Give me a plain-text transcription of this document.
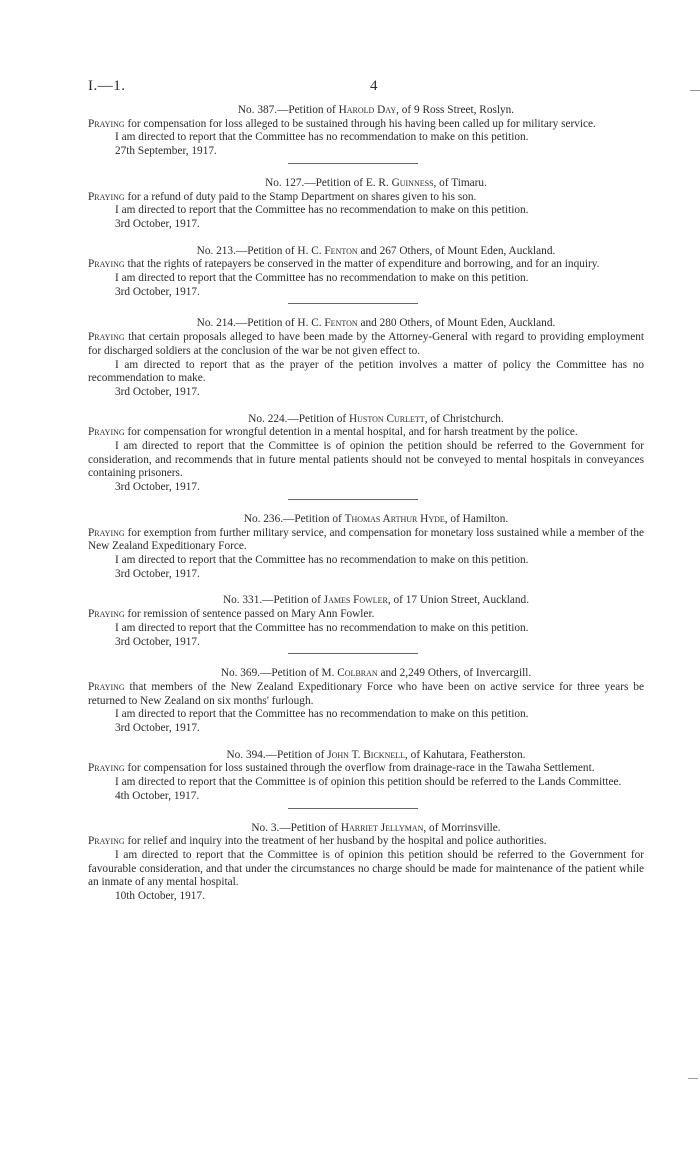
I.—1.	4
No. 387.—Petition of Harold Day, of 9 Ross Street, Roslyn.

Praying for compensation for loss alleged to be sustained through his having been called up for military service.

I am directed to report that the Committee has no recommendation to make on this petition.

27th September, 1917.
No. 127.—Petition of E. R. Guinness, of Timaru.

Praying for a refund of duty paid to the Stamp Department on shares given to his son.

I am directed to report that the Committee has no recommendation to make on this petition.

3rd October, 1917.
No. 213.—Petition of H. C. Fenton and 267 Others, of Mount Eden, Auckland.

Praying that the rights of ratepayers be conserved in the matter of expenditure and borrowing, and for an inquiry.

I am directed to report that the Committee has no recommendation to make on this petition.

3rd October, 1917.
No. 214.—Petition of H. C. Fenton and 280 Others, of Mount Eden, Auckland.

Praying that certain proposals alleged to have been made by the Attorney-General with regard to providing employment for discharged soldiers at the conclusion of the war be not given effect to.

I am directed to report that as the prayer of the petition involves a matter of policy the Committee has no recommendation to make.

3rd October, 1917.
No. 224.—Petition of Huston Curlett, of Christchurch.

Praying for compensation for wrongful detention in a mental hospital, and for harsh treatment by the police.

I am directed to report that the Committee is of opinion the petition should be referred to the Government for consideration, and recommends that in future mental patients should not be conveyed to mental hospitals in conveyances containing prisoners.

3rd October, 1917.
No. 236.—Petition of Thomas Arthur Hyde, of Hamilton.

Praying for exemption from further military service, and compensation for monetary loss sustained while a member of the New Zealand Expeditionary Force.

I am directed to report that the Committee has no recommendation to make on this petition.

3rd October, 1917.
No. 331.—Petition of James Fowler, of 17 Union Street, Auckland.

Praying for remission of sentence passed on Mary Ann Fowler.

I am directed to report that the Committee has no recommendation to make on this petition.

3rd October, 1917.
No. 369.—Petition of M. Colbran and 2,249 Others, of Invercargill.

Praying that members of the New Zealand Expeditionary Force who have been on active service for three years be returned to New Zealand on six months' furlough.

I am directed to report that the Committee has no recommendation to make on this petition.

3rd October, 1917.
No. 394.—Petition of John T. Bicknell, of Kahutara, Featherston.

Praying for compensation for loss sustained through the overflow from drainage-race in the Tawaha Settlement.

I am directed to report that the Committee is of opinion this petition should be referred to the Lands Committee.

4th October, 1917.
No. 3.—Petition of Harriet Jellyman, of Morrinsville.

Praying for relief and inquiry into the treatment of her husband by the hospital and police authorities.

I am directed to report that the Committee is of opinion this petition should be referred to the Government for favourable consideration, and that under the circumstances no charge should be made for maintenance of the patient while an inmate of any mental hospital.

10th October, 1917.
